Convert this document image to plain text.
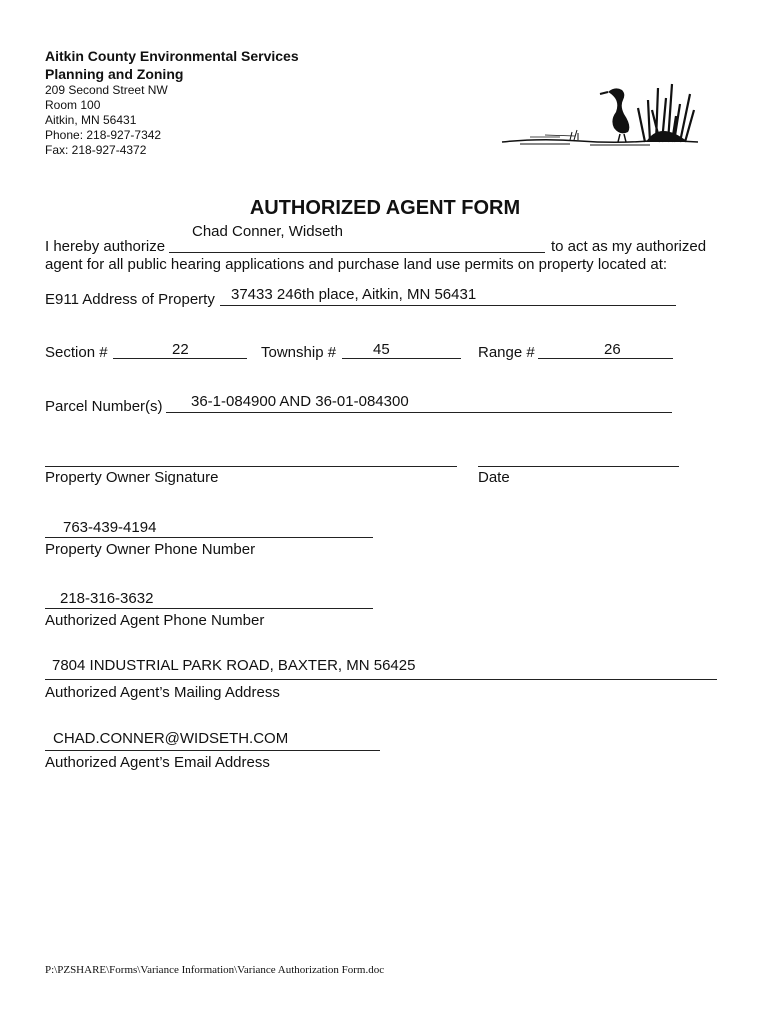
Aitkin County Environmental Services
Planning and Zoning
209 Second Street NW
Room 100
Aitkin, MN 56431
Phone: 218-927-7342
Fax: 218-927-4372
AUTHORIZED AGENT FORM
Chad Conner, Widseth
I hereby authorize	to act as my authorized
agent for all public hearing applications and purchase land use permits on property located at:
E911 Address of Property 37433 246th place, Aitkin, MN 56431
Section #	22	Township # 45	Range #	26
Parcel Number(s) 36-1-084900 AND 36-01-084300
Property Owner Signature	Date
763-439-4194
Property Owner Phone Number
218-316-3632
Authorized Agent Phone Number
7804 INDUSTRIAL PARK ROAD, BAXTER, MN 56425
Authorized Agent’s Mailing Address
CHAD.CONNER@WIDSETH.COM
Authorized Agent’s Email Address
P:\PZSHARE\Forms\Variance Information\Variance Authorization Form.doc
